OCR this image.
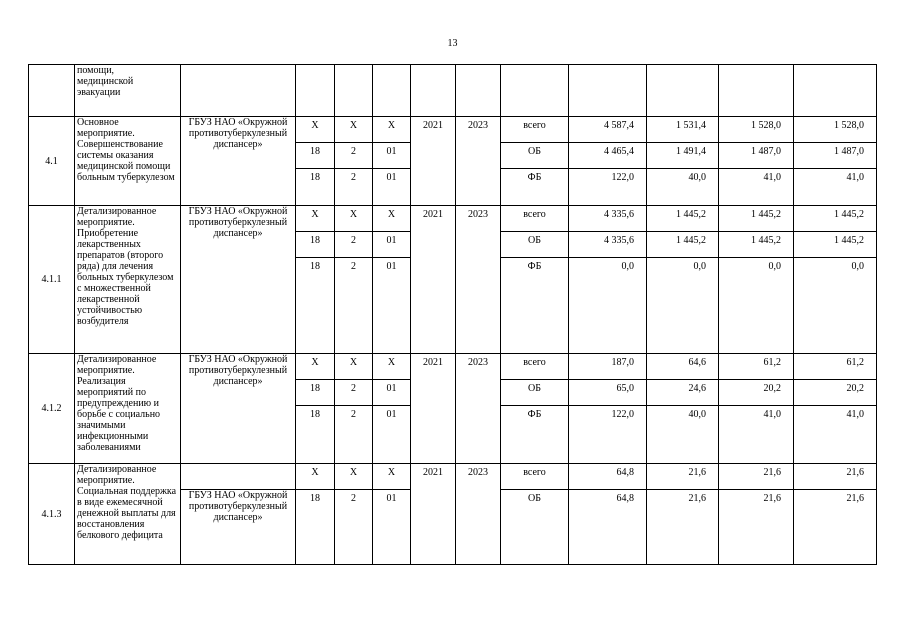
13
	помощи,
медицинской
эвакуации											
4.1	Основное мероприятие. Совершенствование системы оказания медицинской помощи больным туберкулезом	ГБУЗ НАО «Окружной противотуберкулезный диспансер»	Х	Х	Х	2021	2023	всего	4 587,4	1 531,4	1 528,0	1 528,0
			18	2	01			ОБ	4 465,4	1 491,4	1 487,0	1 487,0
			18	2	01			ФБ	122,0	40,0	41,0	41,0
4.1.1	Детализированное мероприятие. Приобретение лекарственных препаратов (второго ряда) для лечения больных туберкулезом с множественной лекарственной устойчивостью возбудителя	ГБУЗ НАО «Окружной противотуберкулезный диспансер»	Х	Х	Х	2021	2023	всего	4 335,6	1 445,2	1 445,2	1 445,2
			18	2	01			ОБ	4 335,6	1 445,2	1 445,2	1 445,2
			18	2	01			ФБ	0,0	0,0	0,0	0,0
4.1.2	Детализированное мероприятие. Реализация мероприятий по предупреждению и борьбе с социально значимыми инфекционными заболеваниями	ГБУЗ НАО «Окружной противотуберкулезный диспансер»	Х	Х	Х	2021	2023	всего	187,0	64,6	61,2	61,2
			18	2	01			ОБ	65,0	24,6	20,2	20,2
			18	2	01			ФБ	122,0	40,0	41,0	41,0
4.1.3	Детализированное мероприятие. Социальная поддержка в виде ежемесячной денежной выплаты для восстановления белкового дефицита		Х	Х	Х	2021	2023	всего	64,8	21,6	21,6	21,6
		ГБУЗ НАО «Окружной противотуберкулезный диспансер»	18	2	01			ОБ	64,8	21,6	21,6	21,6
